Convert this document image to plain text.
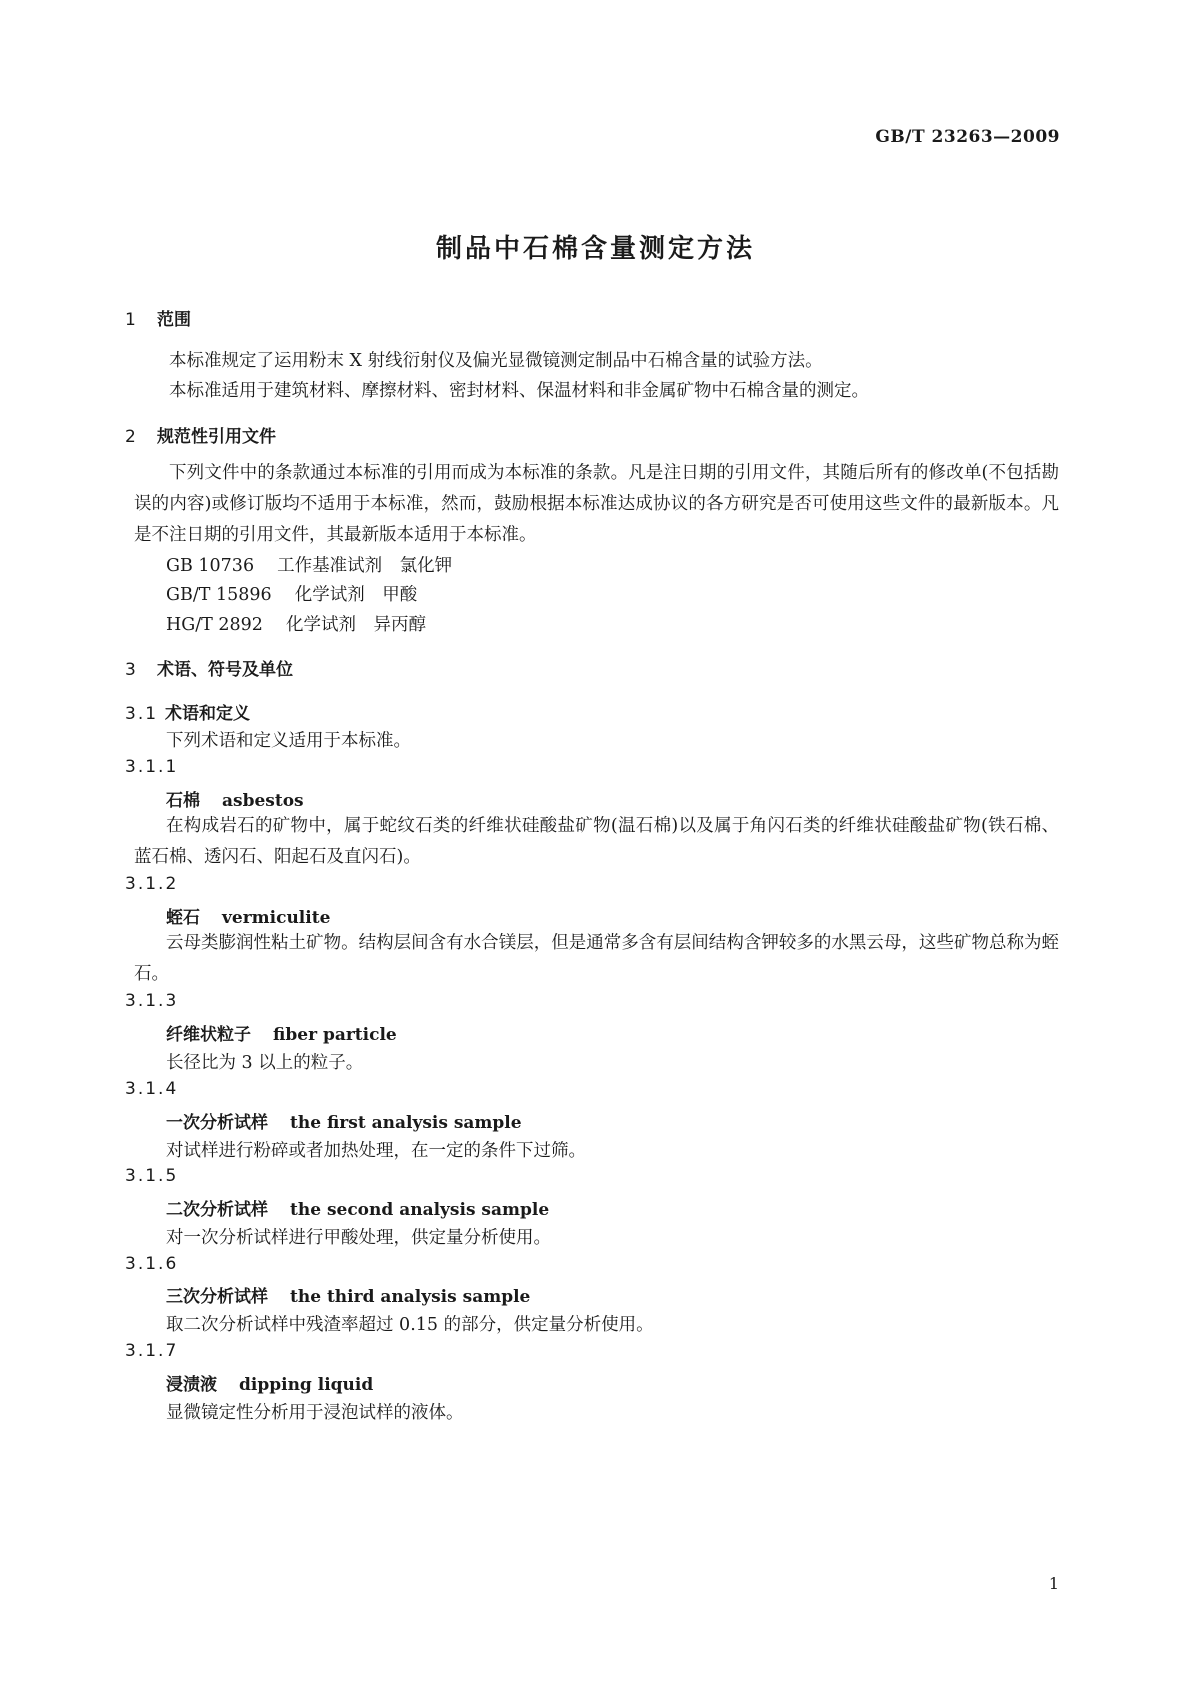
GB/T 23263—2009
制品中石棉含量测定方法
1 范围
本标准规定了运用粉末 X 射线衍射仪及偏光显微镜测定制品中石棉含量的试验方法。
本标准适用于建筑材料、摩擦材料、密封材料、保温材料和非金属矿物中石棉含量的测定。
2 规范性引用文件
下列文件中的条款通过本标准的引用而成为本标准的条款。凡是注日期的引用文件，其随后所有的修改单(不包括勘误的内容)或修订版均不适用于本标准，然而，鼓励根据本标准达成协议的各方研究是否可使用这些文件的最新版本。凡是不注日期的引用文件，其最新版本适用于本标准。
GB 10736　 工作基准试剂　氯化钾
GB/T 15896　 化学试剂　甲酸
HG/T 2892　 化学试剂　异丙醇
3 术语、符号及单位
3.1 术语和定义
下列术语和定义适用于本标准。
3.1.1
石棉 asbestos
在构成岩石的矿物中，属于蛇纹石类的纤维状硅酸盐矿物(温石棉)以及属于角闪石类的纤维状硅酸盐矿物(铁石棉、蓝石棉、透闪石、阳起石及直闪石)。
3.1.2
蛭石 vermiculite
云母类膨润性粘土矿物。结构层间含有水合镁层，但是通常多含有层间结构含钾较多的水黑云母，这些矿物总称为蛭石。
3.1.3
纤维状粒子 fiber particle
长径比为 3 以上的粒子。
3.1.4
一次分析试样 the first analysis sample
对试样进行粉碎或者加热处理，在一定的条件下过筛。
3.1.5
二次分析试样 the second analysis sample
对一次分析试样进行甲酸处理，供定量分析使用。
3.1.6
三次分析试样 the third analysis sample
取二次分析试样中残渣率超过 0.15 的部分，供定量分析使用。
3.1.7
浸渍液 dipping liquid
显微镜定性分析用于浸泡试样的液体。
1
